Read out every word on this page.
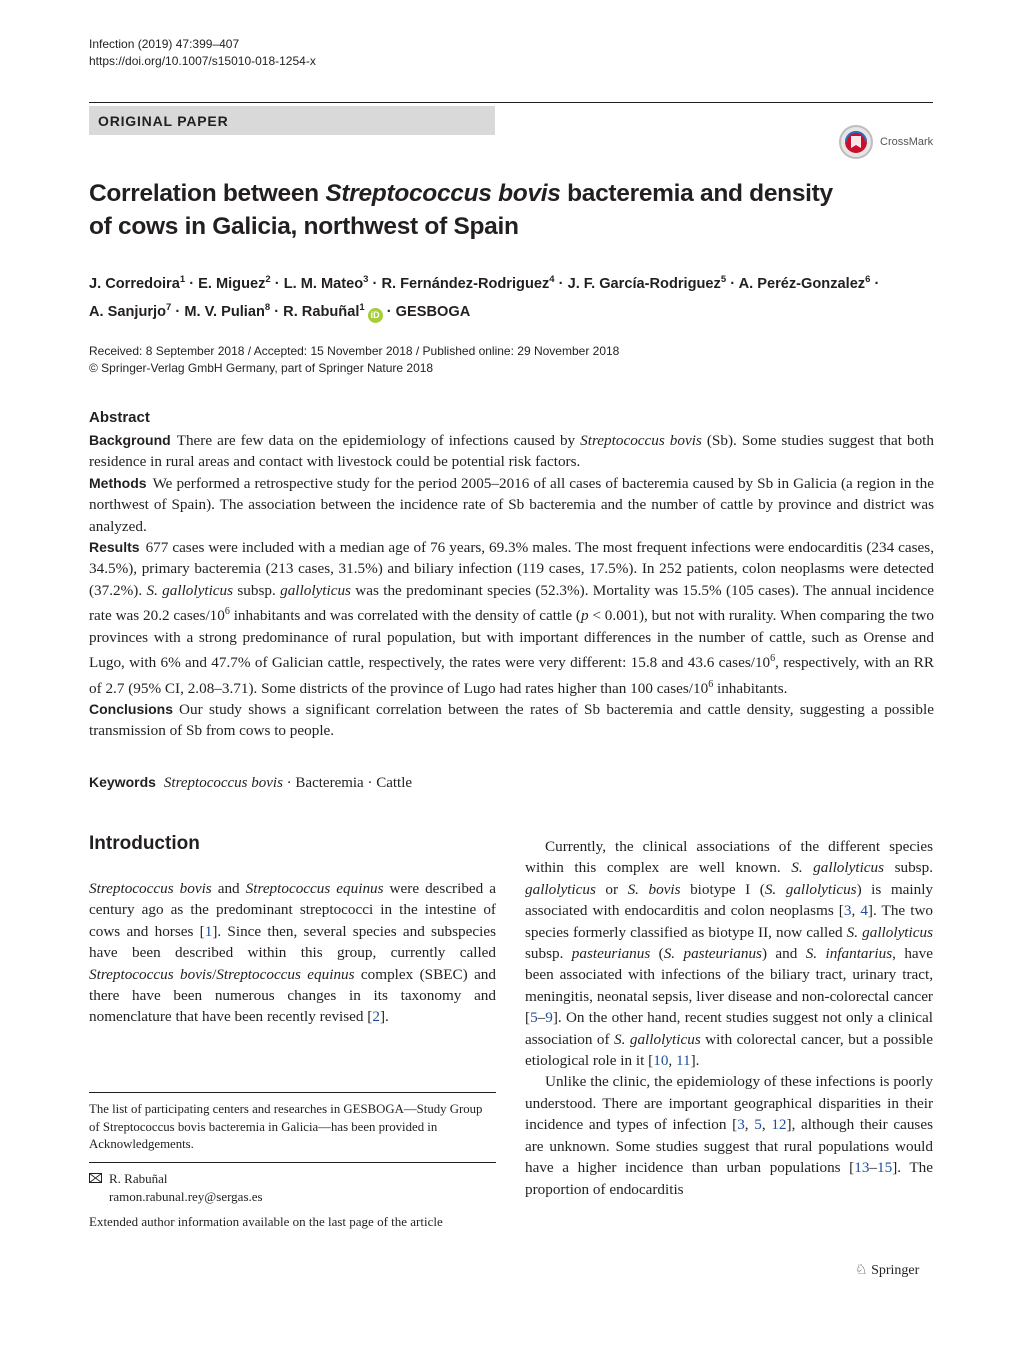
Infection (2019) 47:399–407
https://doi.org/10.1007/s15010-018-1254-x
ORIGINAL PAPER
CrossMark
Correlation between Streptococcus bovis bacteremia and density of cows in Galicia, northwest of Spain
J. Corredoira$^1$ · E. Miguez$^2$ · L. M. Mateo$^3$ · R. Fernández-Rodriguez$^4$ · J. F. García-Rodriguez$^5$ · A. Peréz-Gonzalez$^6$ ·
A. Sanjurjo$^7$ · M. V. Pulian$^8$ · R. Rabuñal$^1$iD · GESBOGA
Received: 8 September 2018 / Accepted: 15 November 2018 / Published online: 29 November 2018
© Springer-Verlag GmbH Germany, part of Springer Nature 2018
Abstract

Background There are few data on the epidemiology of infections caused by Streptococcus bovis (Sb). Some studies suggest that both residence in rural areas and contact with livestock could be potential risk factors.

Methods We performed a retrospective study for the period 2005–2016 of all cases of bacteremia caused by Sb in Galicia (a region in the northwest of Spain). The association between the incidence rate of Sb bacteremia and the number of cattle by province and district was analyzed.

Results 677 cases were included with a median age of 76 years, 69.3% males. The most frequent infections were endocarditis (234 cases, 34.5%), primary bacteremia (213 cases, 31.5%) and biliary infection (119 cases, 17.5%). In 252 patients, colon neoplasms were detected (37.2%). S. gallolyticus subsp. gallolyticus was the predominant species (52.3%). Mortality was 15.5% (105 cases). The annual incidence rate was 20.2 cases/$10^6$ inhabitants and was correlated with the density of cattle (p < 0.001), but not with rurality. When comparing the two provinces with a strong predominance of rural population, but with important differences in the number of cattle, such as Orense and Lugo, with 6% and 47.7% of Galician cattle, respectively, the rates were very different: 15.8 and 43.6 cases/$10^6$, respectively, with an RR of 2.7 (95% CI, 2.08–3.71). Some districts of the province of Lugo had rates higher than 100 cases/$10^6$ inhabitants.

Conclusions Our study shows a significant correlation between the rates of Sb bacteremia and cattle density, suggesting a possible transmission of Sb from cows to people.

Keywords Streptococcus bovis · Bacteremia · Cattle
Introduction

Streptococcus bovis and Streptococcus equinus were described a century ago as the predominant streptococci in the intestine of cows and horses [1]. Since then, several species and subspecies have been described within this group, currently called Streptococcus bovis/Streptococcus equinus complex (SBEC) and there have been numerous changes in its taxonomy and nomenclature that have been recently revised [2].

Currently, the clinical associations of the different species within this complex are well known. S. gallolyticus subsp. gallolyticus or S. bovis biotype I (S. gallolyticus) is mainly associated with endocarditis and colon neoplasms [3, 4]. The two species formerly classified as biotype II, now called S. gallolyticus subsp. pasteurianus (S. pasteurianus) and S. infantarius, have been associated with infections of the biliary tract, urinary tract, meningitis, neonatal sepsis, liver disease and non-colorectal cancer [5–9]. On the other hand, recent studies suggest not only a clinical association of S. gallolyticus with colorectal cancer, but a possible etiological role in it [10, 11].

Unlike the clinic, the epidemiology of these infections is poorly understood. There are important geographical disparities in their incidence and types of infection [3, 5, 12], although their causes are unknown. Some studies suggest that rural populations would have a higher incidence than urban populations [13–15]. The proportion of endocarditis

The list of participating centers and researches in GESBOGA—Study Group of Streptococcus bovis bacteremia in Galicia—has been provided in Acknowledgements.
R. Rabuñal
ramon.rabunal.rey@sergas.es
Extended author information available on the last page of the article
♘ Springer
